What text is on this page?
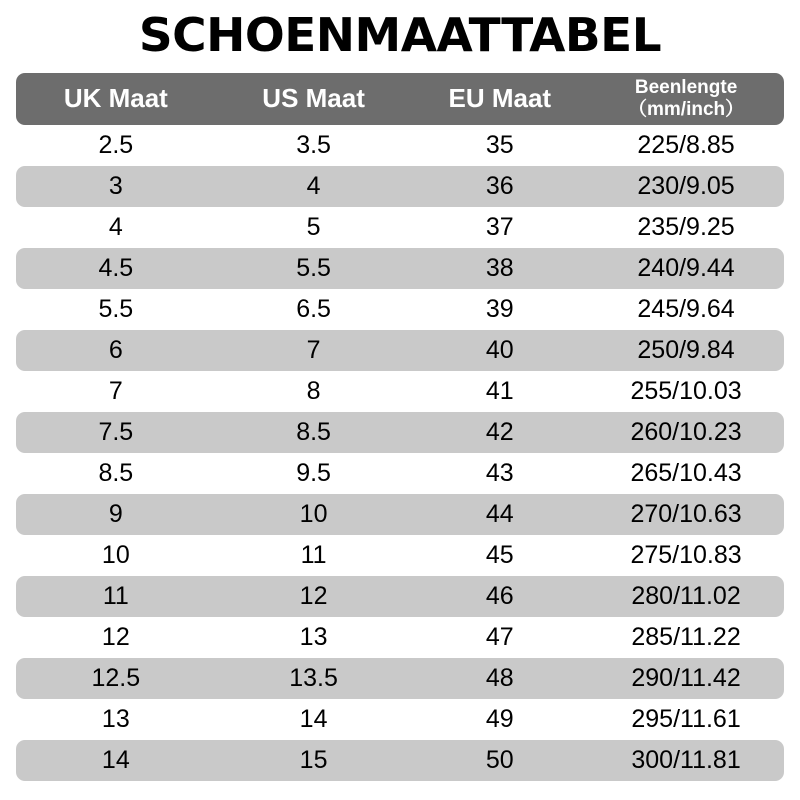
SCHOENMAATTABEL
UK Maat	US Maat	EU Maat	Beenlengte
（mm/inch）

2.5	3.5	35	225/8.85
3	4	36	230/9.05
4	5	37	235/9.25
4.5	5.5	38	240/9.44
5.5	6.5	39	245/9.64
6	7	40	250/9.84
7	8	41	255/10.03
7.5	8.5	42	260/10.23
8.5	9.5	43	265/10.43
9	10	44	270/10.63
10	11	45	275/10.83
11	12	46	280/11.02
12	13	47	285/11.22
12.5	13.5	48	290/11.42
13	14	49	295/11.61
14	15	50	300/11.81
